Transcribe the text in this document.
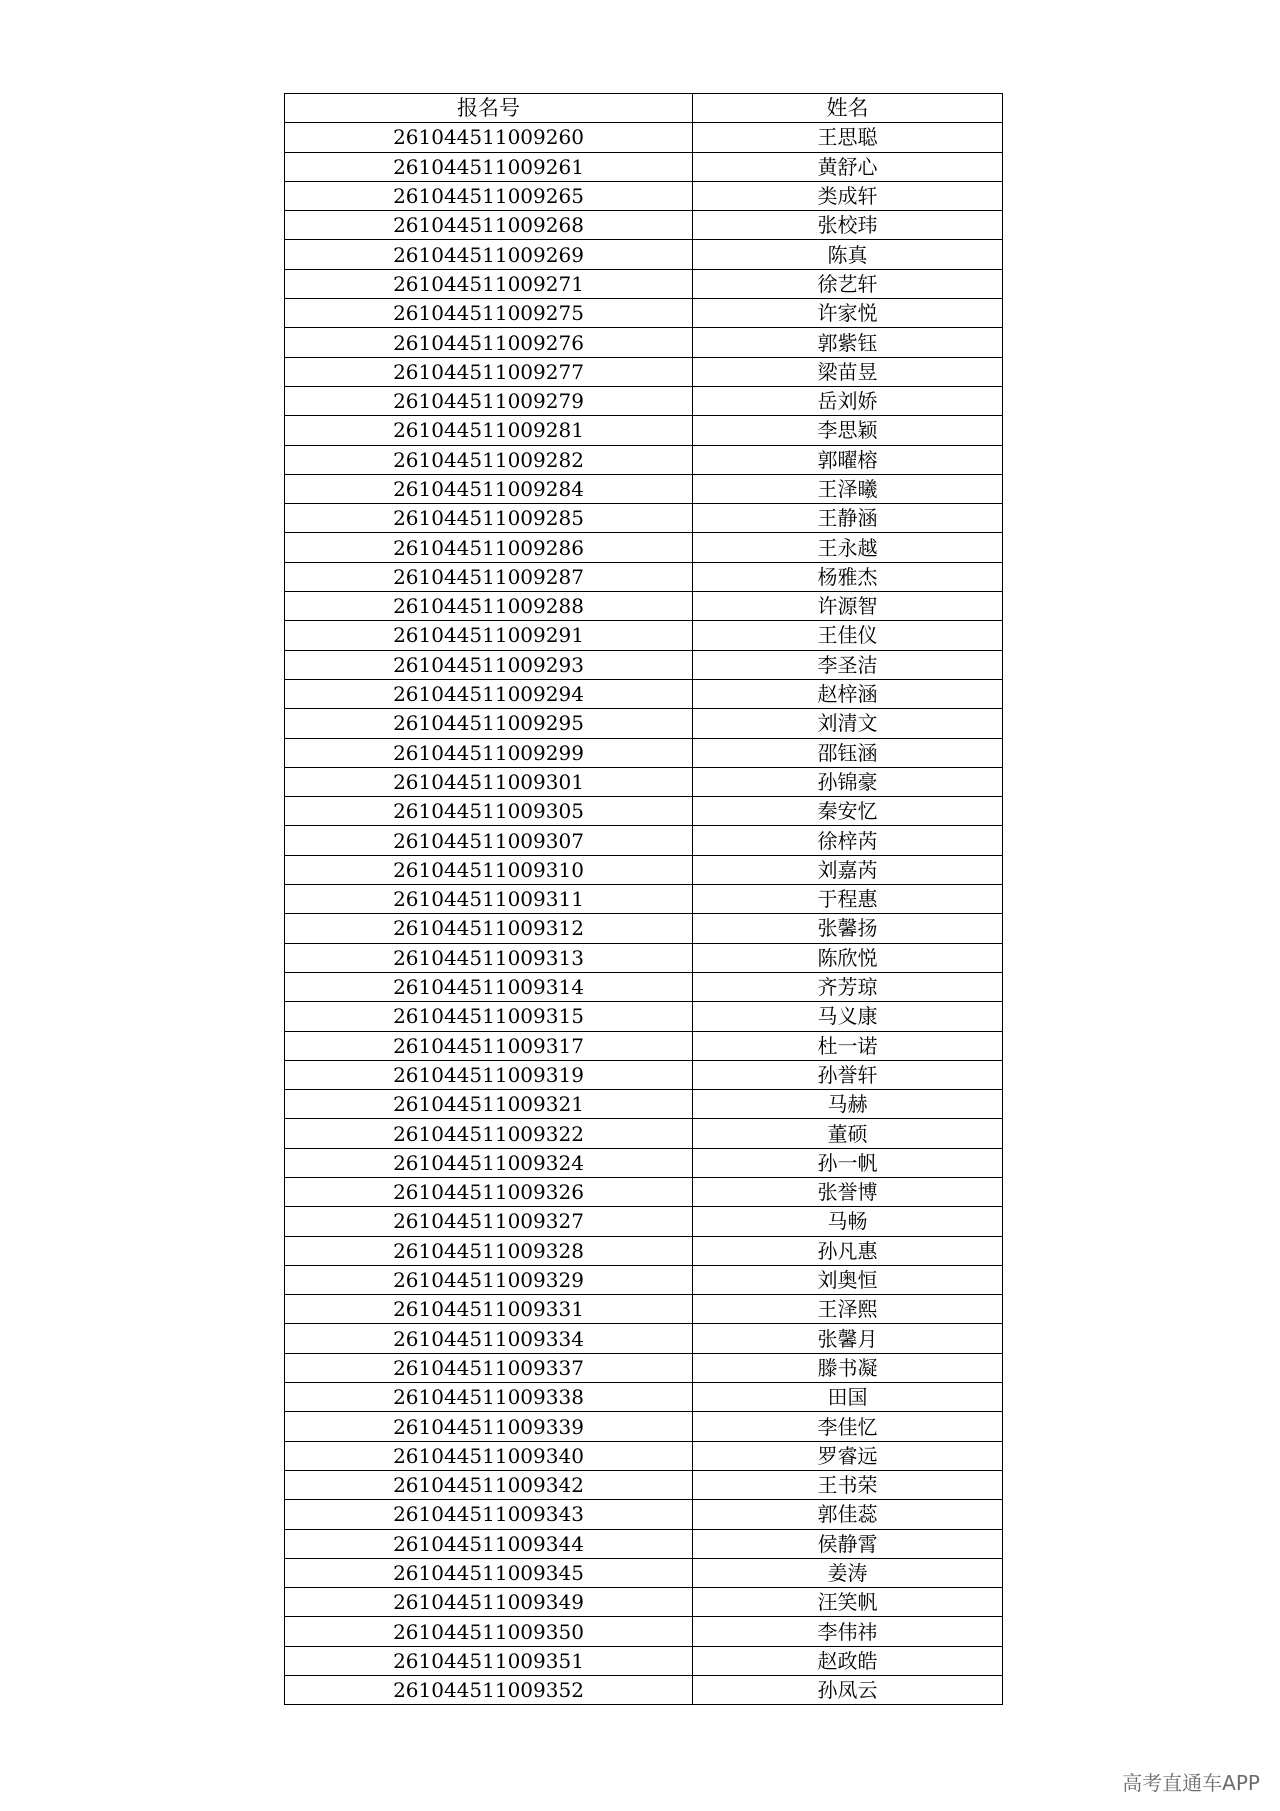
报名号	姓名
261044511009260	王思聪
261044511009261	黄舒心
261044511009265	类成轩
261044511009268	张校玮
261044511009269	陈真
261044511009271	徐艺轩
261044511009275	许家悦
261044511009276	郭紫钰
261044511009277	梁苗昱
261044511009279	岳刘娇
261044511009281	李思颖
261044511009282	郭曜榕
261044511009284	王泽曦
261044511009285	王静涵
261044511009286	王永越
261044511009287	杨雅杰
261044511009288	许源智
261044511009291	王佳仪
261044511009293	李圣洁
261044511009294	赵梓涵
261044511009295	刘清文
261044511009299	邵钰涵
261044511009301	孙锦豪
261044511009305	秦安忆
261044511009307	徐梓芮
261044511009310	刘嘉芮
261044511009311	于程惠
261044511009312	张馨扬
261044511009313	陈欣悦
261044511009314	齐芳琼
261044511009315	马义康
261044511009317	杜一诺
261044511009319	孙誉轩
261044511009321	马赫
261044511009322	董硕
261044511009324	孙一帆
261044511009326	张誉博
261044511009327	马畅
261044511009328	孙凡惠
261044511009329	刘奥恒
261044511009331	王泽熙
261044511009334	张馨月
261044511009337	滕书凝
261044511009338	田国
261044511009339	李佳忆
261044511009340	罗睿远
261044511009342	王书荣
261044511009343	郭佳蕊
261044511009344	侯静霄
261044511009345	姜涛
261044511009349	汪笑帆
261044511009350	李伟祎
261044511009351	赵政皓
261044511009352	孙凤云
高考直通车APP
